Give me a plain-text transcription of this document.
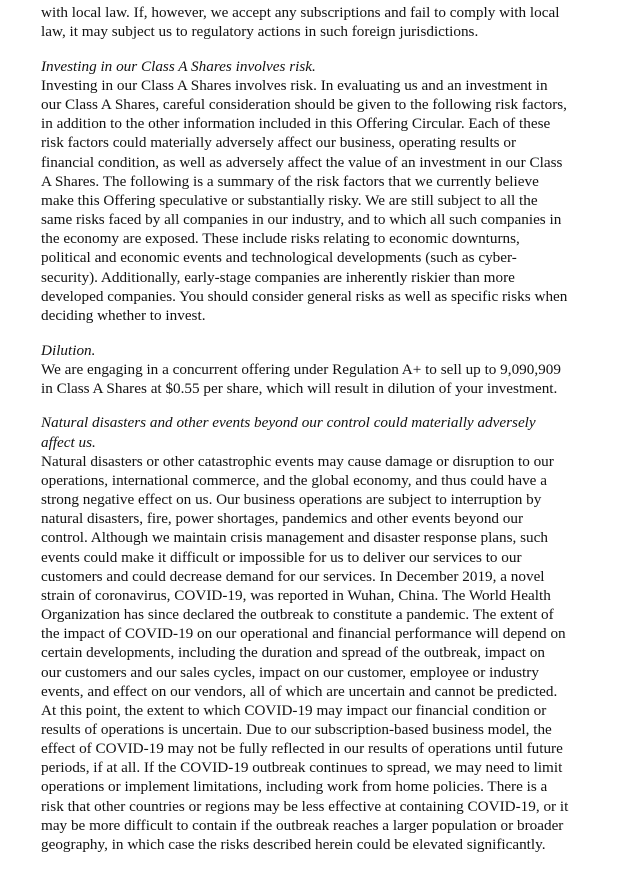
with local law. If, however, we accept any subscriptions and fail to comply with local
law, it may subject us to regulatory actions in such foreign jurisdictions.
Investing in our Class A Shares involves risk.
Investing in our Class A Shares involves risk. In evaluating us and an investment in
our Class A Shares, careful consideration should be given to the following risk factors,
in addition to the other information included in this Offering Circular. Each of these
risk factors could materially adversely affect our business, operating results or
financial condition, as well as adversely affect the value of an investment in our Class
A Shares. The following is a summary of the risk factors that we currently believe
make this Offering speculative or substantially risky. We are still subject to all the
same risks faced by all companies in our industry, and to which all such companies in
the economy are exposed. These include risks relating to economic downturns,
political and economic events and technological developments (such as cyber-
security). Additionally, early-stage companies are inherently riskier than more
developed companies. You should consider general risks as well as specific risks when
deciding whether to invest.
Dilution.
We are engaging in a concurrent offering under Regulation A+ to sell up to 9,090,909
in Class A Shares at $0.55 per share, which will result in dilution of your investment.
Natural disasters and other events beyond our control could materially adversely
affect us.
Natural disasters or other catastrophic events may cause damage or disruption to our
operations, international commerce, and the global economy, and thus could have a
strong negative effect on us. Our business operations are subject to interruption by
natural disasters, fire, power shortages, pandemics and other events beyond our
control. Although we maintain crisis management and disaster response plans, such
events could make it difficult or impossible for us to deliver our services to our
customers and could decrease demand for our services. In December 2019, a novel
strain of coronavirus, COVID-19, was reported in Wuhan, China. The World Health
Organization has since declared the outbreak to constitute a pandemic. The extent of
the impact of COVID-19 on our operational and financial performance will depend on
certain developments, including the duration and spread of the outbreak, impact on
our customers and our sales cycles, impact on our customer, employee or industry
events, and effect on our vendors, all of which are uncertain and cannot be predicted.
At this point, the extent to which COVID-19 may impact our financial condition or
results of operations is uncertain. Due to our subscription-based business model, the
effect of COVID-19 may not be fully reflected in our results of operations until future
periods, if at all. If the COVID-19 outbreak continues to spread, we may need to limit
operations or implement limitations, including work from home policies. There is a
risk that other countries or regions may be less effective at containing COVID-19, or it
may be more difficult to contain if the outbreak reaches a larger population or broader
geography, in which case the risks described herein could be elevated significantly.
